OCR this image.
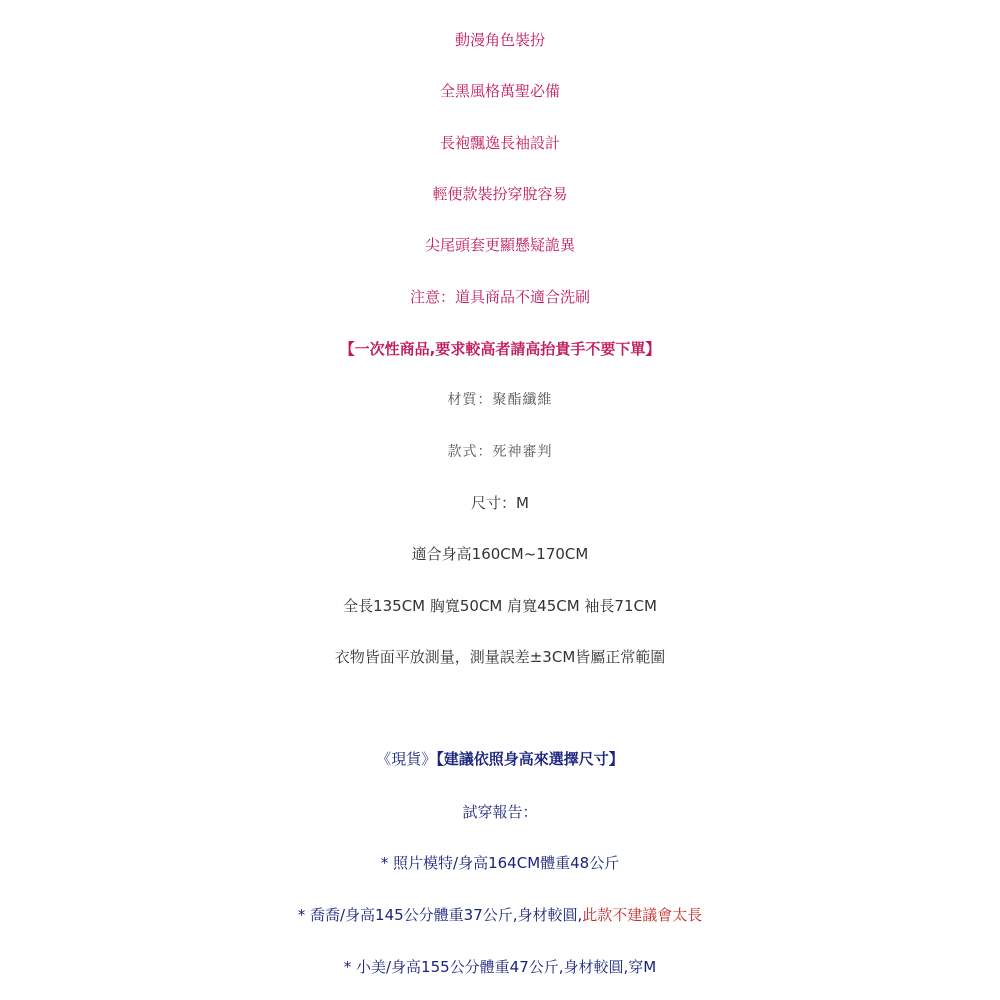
動漫角色裝扮
全黑風格萬聖必備
長袍飄逸長袖設計
輕便款裝扮穿脫容易
尖尾頭套更顯懸疑詭異
注意：道具商品不適合洗刷
【一次性商品,要求較高者請高抬貴手不要下單】
材質：聚酯纖維
款式：死神審判
尺寸：M
適合身高160CM~170CM
全長135CM 胸寬50CM 肩寬45CM 袖長71CM
衣物皆面平放測量，測量誤差±3CM皆屬正常範圍
《現貨》【建議依照身高來選擇尺寸】
試穿報告：
* 照片模特/身高164CM體重48公斤
* 喬喬/身高145公分體重37公斤,身材較圓,此款不建議會太長
* 小美/身高155公分體重47公斤,身材較圓,穿M
